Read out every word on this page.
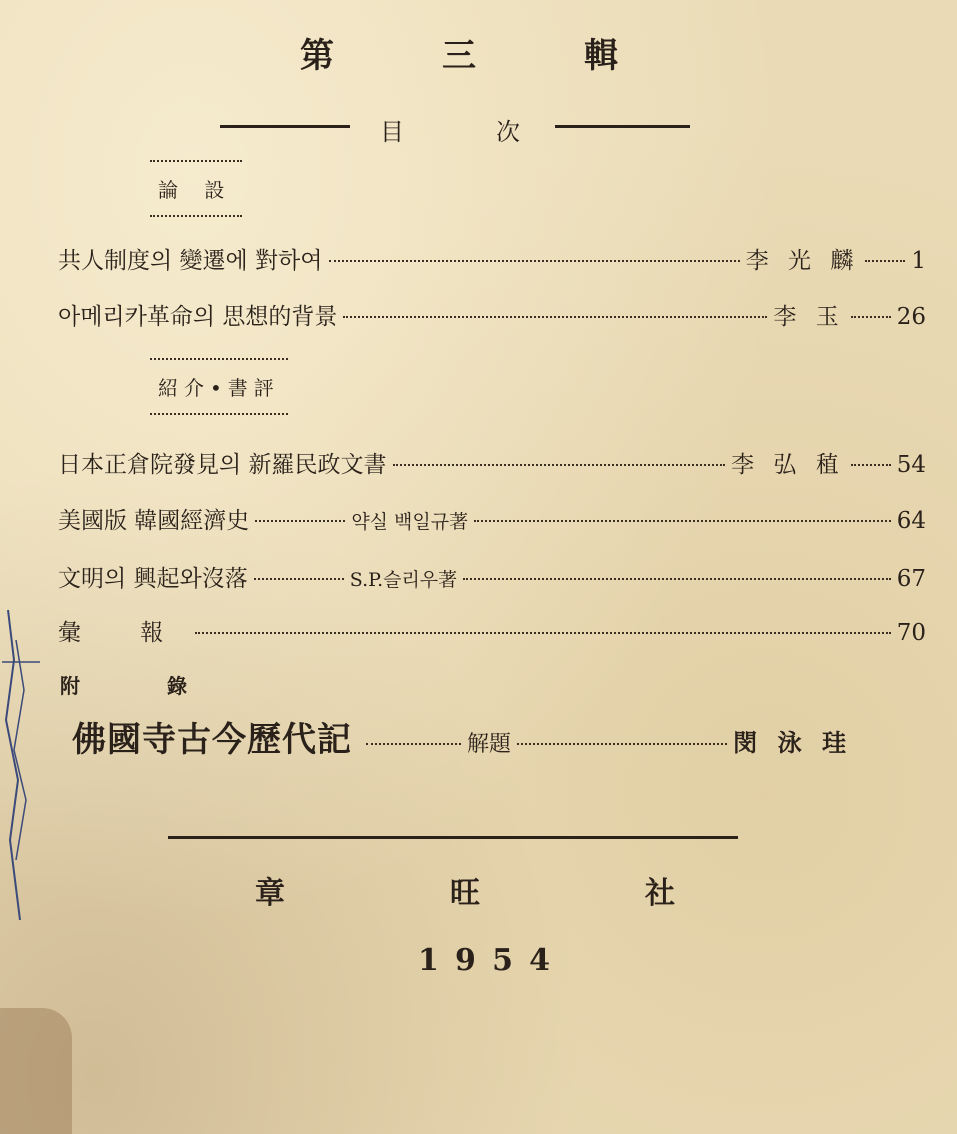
第	三	輯
目	次
論 設
共人制度의 變遷에 對하여	李 光 麟 1
아메리카革命의 思想的背景	李 玉 26
紹介•書評
日本正倉院發見의 新羅民政文書	李 弘 稙 54
美國版 韓國經濟史	약실 백일규著	64
文明의 興起와沒落	S.P.슬리우著	67
彙 報	70
附 錄
佛國寺古今歷代記	解題	閔 泳 珪
章	旺	社
1 9 5 4
